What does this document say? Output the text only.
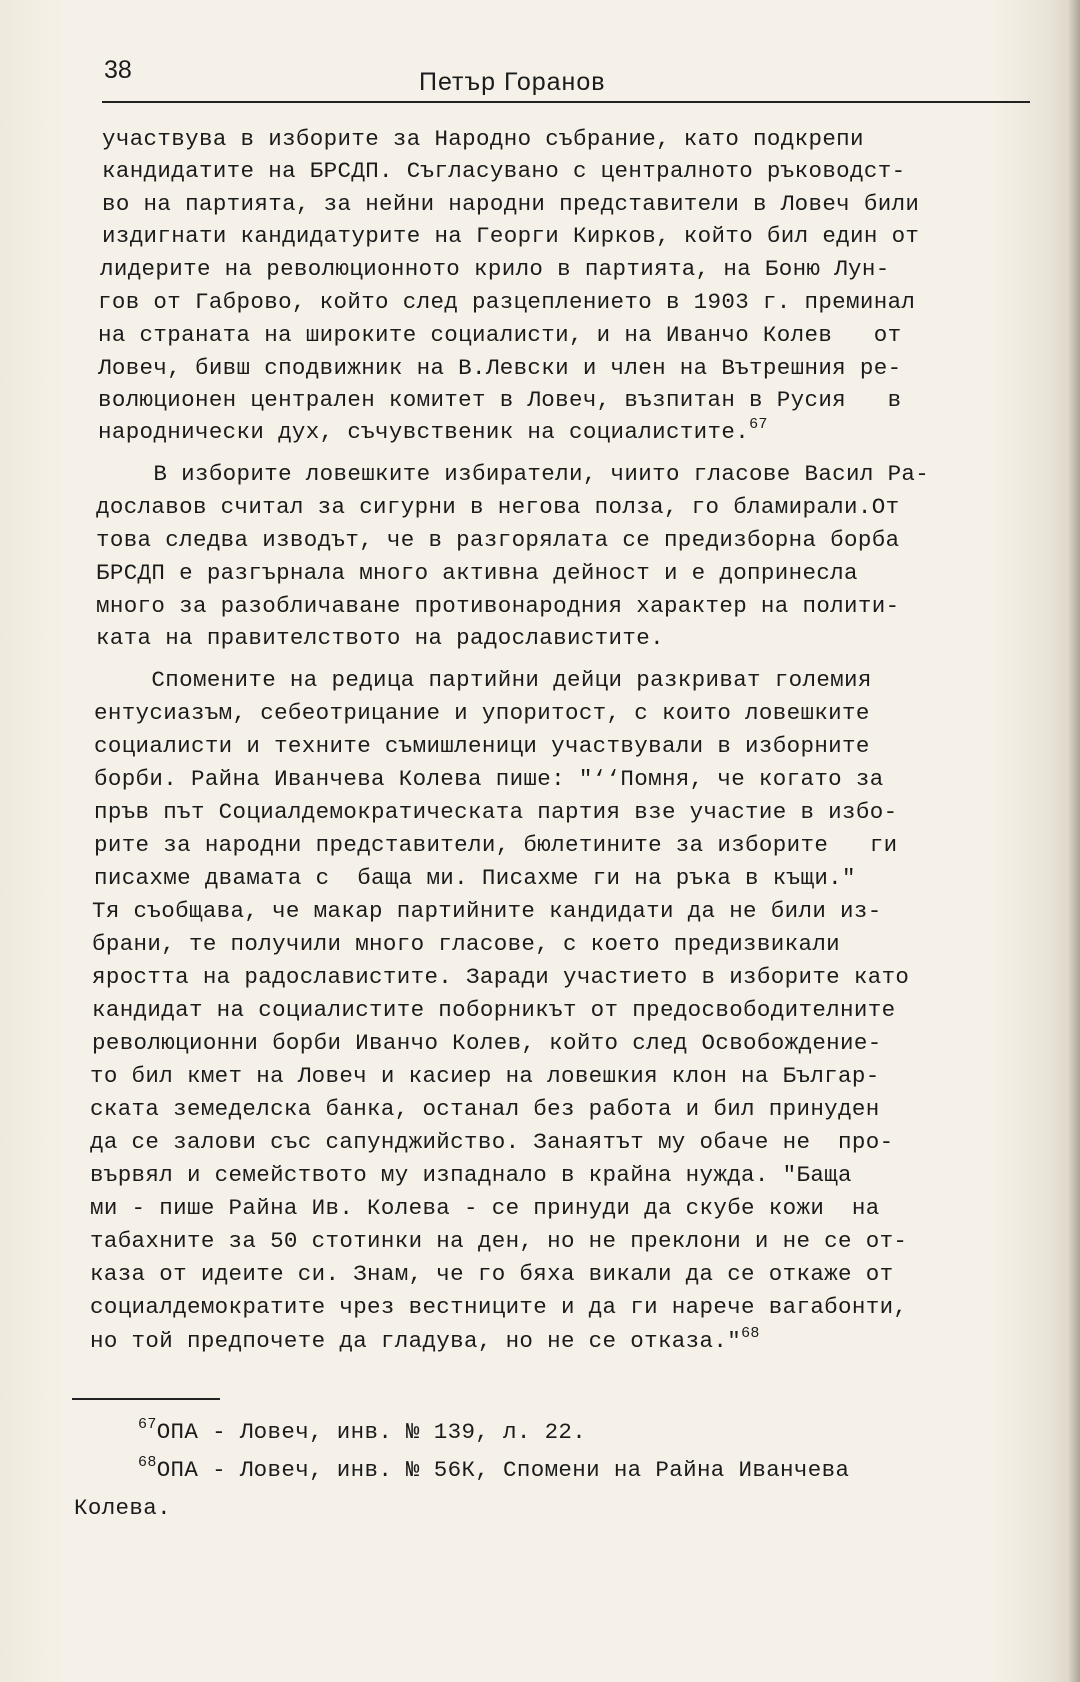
38	Петър Горанов
участвува в изборите за Народно събрание, като подкрепи
кандидатите на БРСДП. Съгласувано с централното ръководст-
во на партията, за нейни народни представители в Ловеч били
издигнати кандидатурите на Георги Кирков, който бил един от
лидерите на революционното крило в партията, на Боню Лун-
гов от Габрово, който след разцеплението в 1903 г. преминал
на страната на широките социалисти, и на Иванчо Колев   от
Ловеч, бивш сподвижник на В.Левски и член на Вътрешния ре-
волюционен централен комитет в Ловеч, възпитан в Русия   в
народнически дух, съчувственик на социалистите.$^{67}$
В изборите ловешките избиратели, чиито гласове Васил Ра-
дославов считал за сигурни в негова полза, го бламирали.От
това следва изводът, че в разгорялата се предизборна борба
БРСДП е разгърнала много активна дейност и е допринесла
много за разобличаване противонародния характер на полити-
ката на правителството на радославистите.
Спомените на редица партийни дейци разкриват големия
ентусиазъм, себеотрицание и упоритост, с които ловешките
социалисти и техните съмишленици участвували в изборните
борби. Райна Иванчева Колева пише: "‘‘Помня, че когато за
пръв път Социалдемократическата партия взе участие в избо-
рите за народни представители, бюлетините за изборите   ги
писахме двамата с  баща ми. Писахме ги на ръка в къщи."
Тя съобщава, че макар партийните кандидати да не били из-
брани, те получили много гласове, с което предизвикали
яростта на радославистите. Заради участието в изборите като
кандидат на социалистите поборникът от предосвободителните
революционни борби Иванчо Колев, който след Освобождение-
то бил кмет на Ловеч и касиер на ловешкия клон на Българ-
ската земеделска банка, останал без работа и бил принуден
да се залови със сапунджийство. Занаятът му обаче не  про-
вървял и семейството му изпаднало в крайна нужда. "Баща
ми - пише Райна Ив. Колева - се принуди да скубе кожи  на
табахните за 50 стотинки на ден, но не преклони и не се от-
каза от идеите си. Знам, че го бяха викали да се откаже от
социалдемократите чрез вестниците и да ги нарече вагабонти,
но той предпочете да гладува, но не се отказа."$^{68}$
$^{67}$ОПА - Ловеч, инв. № 139, л. 22.
$^{68}$ОПА - Ловеч, инв. № 56К, Спомени на Райна Иванчева
Колева.
